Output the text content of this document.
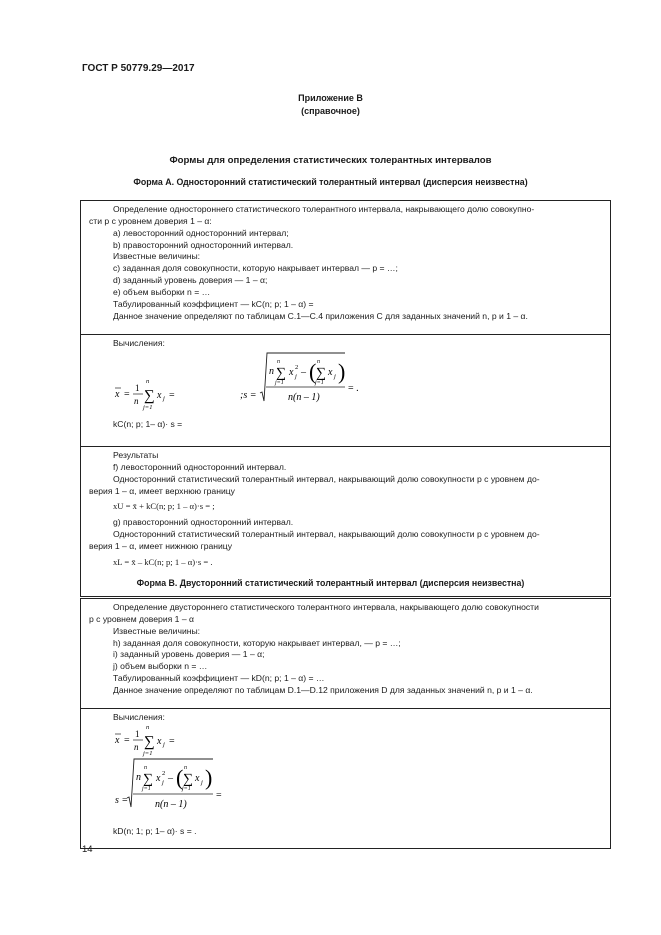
ГОСТ Р 50779.29—2017
Приложение В
(справочное)
Формы для определения статистических толерантных интервалов
Форма А. Односторонний статистический толерантный интервал (дисперсия неизвестна)
Определение одностороннего статистического толерантного интервала, накрывающего долю совокупно-
сти p с уровнем доверия 1 – α:
a) левосторонний односторонний интервал;
b) правосторонний односторонний интервал.
Известные величины:
c) заданная доля совокупности, которую накрывает интервал — p = …;
d) заданный уровень доверия — 1 – α;
e) объем выборки n = …
Табулированный коэффициент — kC(n; p; 1 – α) =
Данное значение определяют по таблицам C.1—C.4 приложения C для заданных значений n, p и 1 – α.
Вычисления:
x =
1
n
n
∑
j=1
x j =	;s =
n ∑
n
j=1
x 2
j – ( ∑
n
j=1
x j )
n(n – 1)
= .
kC(n; p; 1– α)· s =
Результаты
f) левосторонний односторонний интервал.
Односторонний статистический толерантный интервал, накрывающий долю совокупности p с уровнем до-
верия 1 – α, имеет верхнюю границу
xU = x̄ + kC(n; p; 1 – α)·s = ;
g) правосторонний односторонний интервал.
Односторонний статистический толерантный интервал, накрывающий долю совокупности p с уровнем до-
верия 1 – α, имеет нижнюю границу
xL = x̄ – kC(n; p; 1 – α)·s = .
Форма В. Двусторонний статистический толерантный интервал (дисперсия неизвестна)
Определение двустороннего статистического толерантного интервала, накрывающего долю совокупности
p с уровнем доверия 1 – α
Известные величины:
h) заданная доля совокупности, которую накрывает интервал, — p = …;
i) заданный уровень доверия — 1 – α;
j) объем выборки n = …
Табулированный коэффициент — kD(n; p; 1 – α) = …
Данное значение определяют по таблицам D.1—D.12 приложения D для заданных значений n, p и 1 – α.
Вычисления:
x =
1
n
n
∑
j=1
x j =
s =
n ∑
n
j=1
x 2
j – ( ∑
n
j=1
x j )
n(n – 1)
=
kD(n; 1; p; 1– α)· s = .
14
